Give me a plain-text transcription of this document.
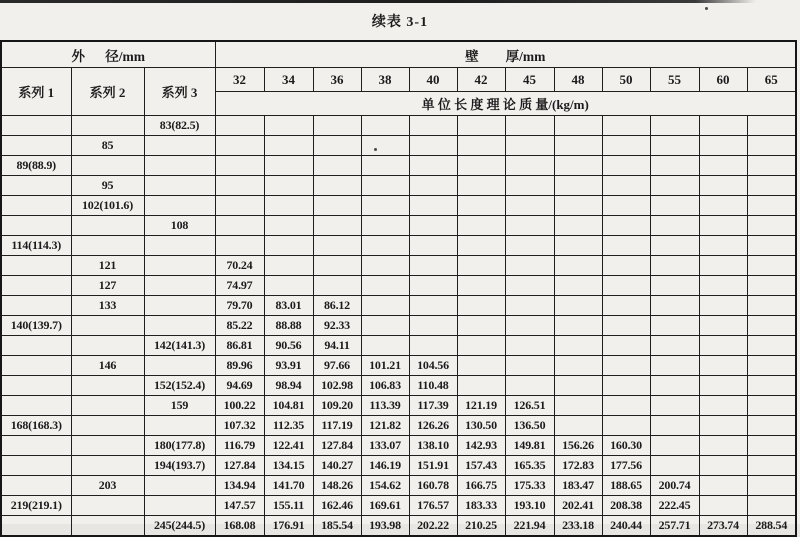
续表 3-1
外      径/mm			壁        厚/mm											
系列 1	系列 2	系列 3	32	34	36	38	40	42	45	48	50	55	60	65
			单 位 长 度 理 论 质 量/(kg/m)											
		83(82.5)												
	85													
89(88.9)														
	95													
	102(101.6)													
		108												
114(114.3)														
	121		70.24											
	127		74.97											
	133		79.70	83.01	86.12									
140(139.7)			85.22	88.88	92.33									
		142(141.3)	86.81	90.56	94.11									
	146		89.96	93.91	97.66	101.21	104.56							
		152(152.4)	94.69	98.94	102.98	106.83	110.48							
		159	100.22	104.81	109.20	113.39	117.39	121.19	126.51					
168(168.3)			107.32	112.35	117.19	121.82	126.26	130.50	136.50					
		180(177.8)	116.79	122.41	127.84	133.07	138.10	142.93	149.81	156.26	160.30			
		194(193.7)	127.84	134.15	140.27	146.19	151.91	157.43	165.35	172.83	177.56			
	203		134.94	141.70	148.26	154.62	160.78	166.75	175.33	183.47	188.65	200.74		
219(219.1)			147.57	155.11	162.46	169.61	176.57	183.33	193.10	202.41	208.38	222.45		
		245(244.5)	168.08	176.91	185.54	193.98	202.22	210.25	221.94	233.18	240.44	257.71	273.74	288.54
